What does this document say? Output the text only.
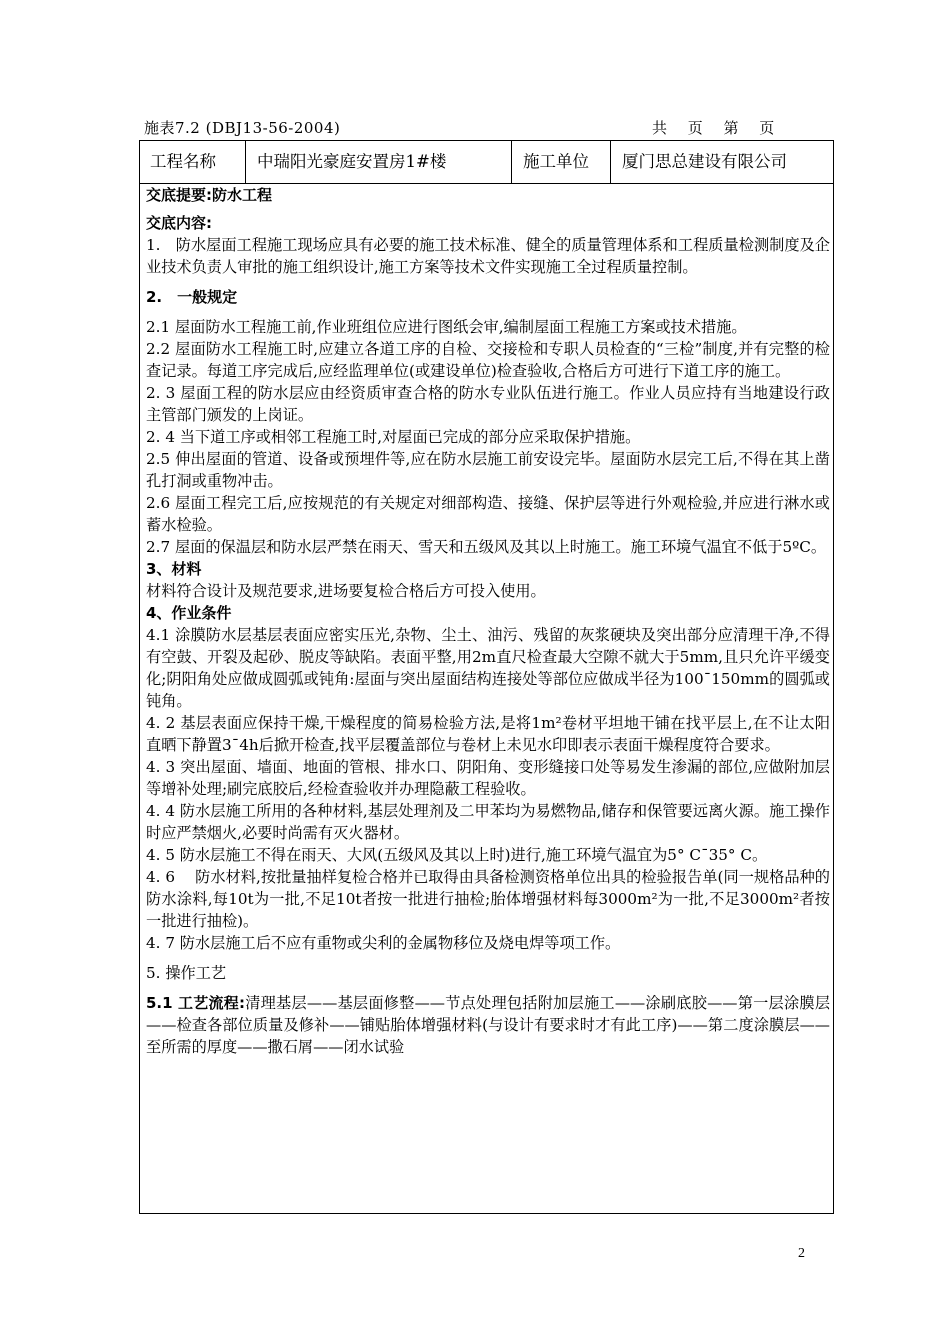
施表7.2 (DBJ13-56-2004)	共 页 第 页
工程名称	中瑞阳光豪庭安置房1#楼	施工单位	厦门思总建设有限公司

交底提要:防水工程

交底内容:

1.　防水屋面工程施工现场应具有必要的施工技术标准、健全的质量管理体系和工程质量检测制度及企业技术负责人审批的施工组织设计,施工方案等技术文件实现施工全过程质量控制。

2.　一般规定

2.1 屋面防水工程施工前,作业班组位应进行图纸会审,编制屋面工程施工方案或技术措施。

2.2 屋面防水工程施工时,应建立各道工序的自检、交接检和专职人员检查的“三检”制度,并有完整的检查记录。每道工序完成后,应经监理单位(或建设单位)检查验收,合格后方可进行下道工序的施工。

2. 3 屋面工程的防水层应由经资质审查合格的防水专业队伍进行施工。作业人员应持有当地建设行政主管部门颁发的上岗证。

2. 4 当下道工序或相邻工程施工时,对屋面已完成的部分应采取保护措施。

2.5 伸出屋面的管道、设备或预埋件等,应在防水层施工前安设完毕。屋面防水层完工后,不得在其上凿孔打洞或重物冲击。

2.6 屋面工程完工后,应按规范的有关规定对细部构造、接缝、保护层等进行外观检验,并应进行淋水或蓄水检验。

2.7 屋面的保温层和防水层严禁在雨天、雪天和五级风及其以上时施工。施工环境气温宜不低于5ºC。

3、材料

材料符合设计及规范要求,进场要复检合格后方可投入使用。

4、作业条件

4.1 涂膜防水层基层表面应密实压光,杂物、尘土、油污、残留的灰浆硬块及突出部分应清理干净,不得有空鼓、开裂及起砂、脱皮等缺陷。表面平整,用2m直尺检查最大空隙不就大于5mm,且只允许平缓变化;阴阳角处应做成圆弧或钝角:屋面与突出屋面结构连接处等部位应做成半径为100¯150mm的圆弧或钝角。

4. 2 基层表面应保持干燥,干燥程度的简易检验方法,是将1m²卷材平坦地干铺在找平层上,在不让太阳直晒下静置3¯4h后掀开检查,找平层覆盖部位与卷材上未见水印即表示表面干燥程度符合要求。

4. 3 突出屋面、墙面、地面的管根、排水口、阴阳角、变形缝接口处等易发生渗漏的部位,应做附加层等增补处理;刷完底胶后,经检查验收并办理隐蔽工程验收。

4. 4 防水层施工所用的各种材料,基层处理剂及二甲苯均为易燃物品,储存和保管要远离火源。施工操作时应严禁烟火,必要时尚需有灭火器材。

4. 5 防水层施工不得在雨天、大风(五级风及其以上时)进行,施工环境气温宜为5° C¯35° C。

4. 6 　防水材料,按批量抽样复检合格并已取得由具备检测资格单位出具的检验报告单(同一规格品种的防水涂料,每10t为一批,不足10t者按一批进行抽检;胎体增强材料每3000m²为一批,不足3000m²者按一批进行抽检)。

4. 7 防水层施工后不应有重物或尖利的金属物移位及烧电焊等项工作。

5. 操作工艺

5.1 工艺流程:清理基层——基层面修整——节点处理包括附加层施工——涂刷底胶——第一层涂膜层——检查各部位质量及修补——铺贴胎体增强材料(与设计有要求时才有此工序)——第二度涂膜层——至所需的厚度——撒石屑——闭水试验

2
